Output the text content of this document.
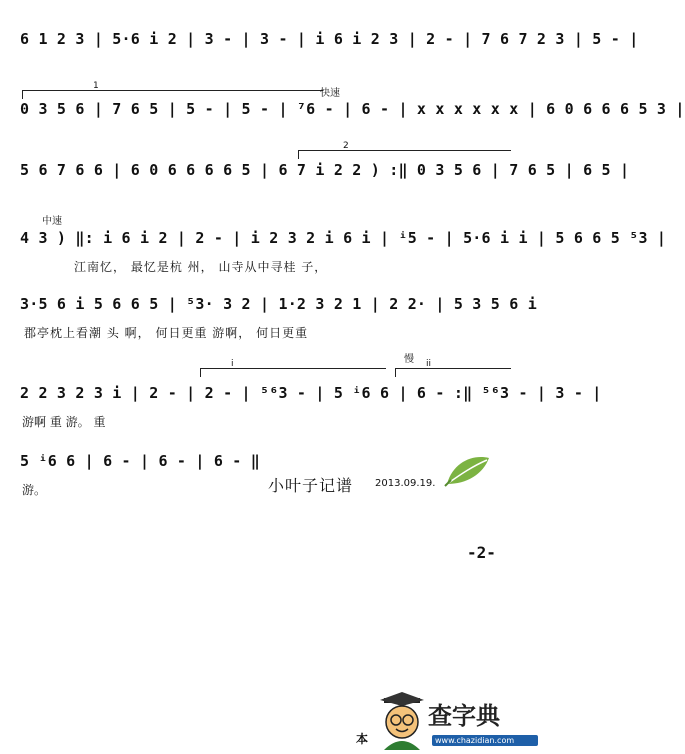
6 1 2 3 | 5·6 i 2 | 3 - | 3 - | i 6 i 2 3 | 2 - | 7 6 7 2 3 | 5 - |
1
快速
0 3 5 6 | 7 6 5 | 5 - | 5 - | ⁷6 - | 6 - | x x x x x x | 6 0 6 6 6 5 3 |
2
5 6 7 6 6 | 6 0 6 6 6 6 5 | 6 7 i 2 2 ) :‖ 0 3 5 6 | 7 6 5 | 6 5 |
中速
4 3 ) ‖: i 6 i 2 | 2 - | i 2 3 2 i 6 i | ⁱ5 - | 5·6 i i | 5 6 6 5 ⁵3 |
江南忆， 最忆是杭 州， 山寺从中寻桂 子，
3·5 6 i 5 6 6 5 | ⁵3· 3 2 | 1·2 3 2 1 | 2 2· | 5 3 5 6 i
郡亭枕上看潮 头 啊， 何日更重 游啊， 何日更重
i	慢 ii
2 2 3 2 3 i | 2 - | 2 - | ⁵⁶3 - | 5 ⁱ6 6 | 6 - :‖ ⁵⁶3 - | 3 - |
游啊 重 游。 重
5 ⁱ6 6 | 6 - | 6 - | 6 - ‖
游。	小叶子记谱 2013.09.19.
-2-
本
查字典
www.chazidian.com
